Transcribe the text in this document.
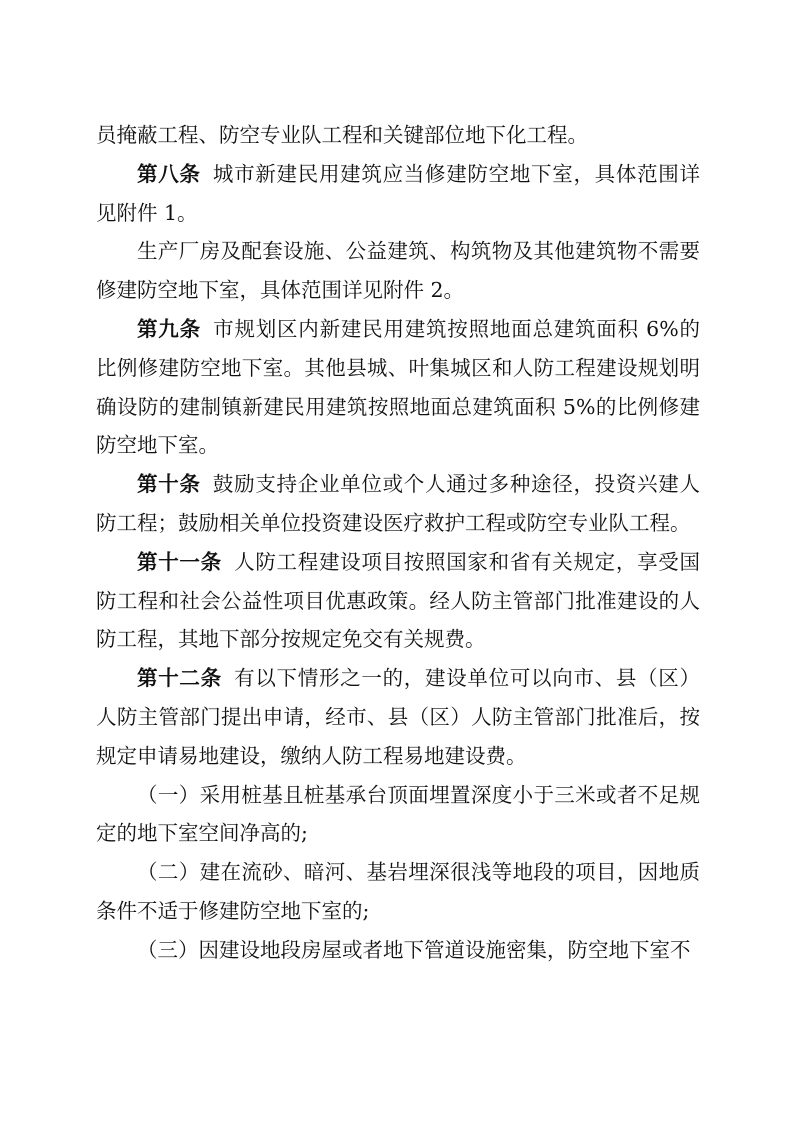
员掩蔽工程、防空专业队工程和关键部位地下化工程。

第八条 城市新建民用建筑应当修建防空地下室，具体范围详见附件 1。

生产厂房及配套设施、公益建筑、构筑物及其他建筑物不需要修建防空地下室，具体范围详见附件 2。

第九条 市规划区内新建民用建筑按照地面总建筑面积 6%的比例修建防空地下室。其他县城、叶集城区和人防工程建设规划明确设防的建制镇新建民用建筑按照地面总建筑面积 5%的比例修建防空地下室。

第十条 鼓励支持企业单位或个人通过多种途径，投资兴建人防工程；鼓励相关单位投资建设医疗救护工程或防空专业队工程。

第十一条 人防工程建设项目按照国家和省有关规定，享受国防工程和社会公益性项目优惠政策。经人防主管部门批准建设的人防工程，其地下部分按规定免交有关规费。

第十二条 有以下情形之一的，建设单位可以向市、县（区）人防主管部门提出申请，经市、县（区）人防主管部门批准后，按规定申请易地建设，缴纳人防工程易地建设费。

（一）采用桩基且桩基承台顶面埋置深度小于三米或者不足规定的地下室空间净高的;

（二）建在流砂、暗河、基岩埋深很浅等地段的项目，因地质条件不适于修建防空地下室的;

（三）因建设地段房屋或者地下管道设施密集，防空地下室不
